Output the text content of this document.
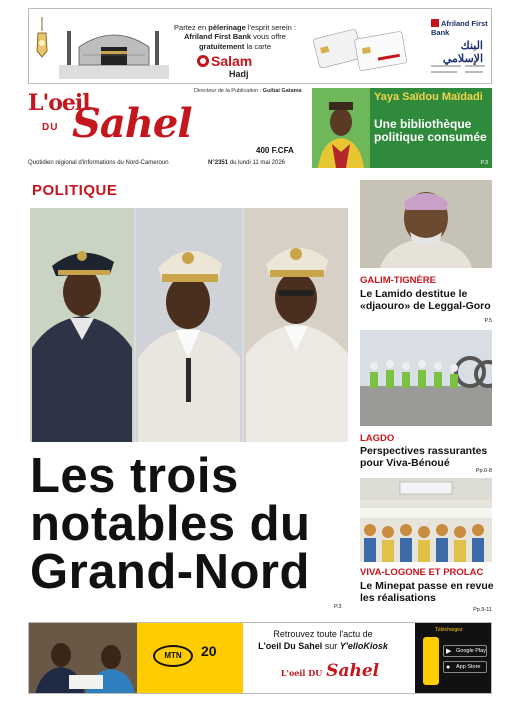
Partez en pèlerinage l'esprit serein : Afriland First Bank vous offre gratuitement la carte
Salam
Hadj
Afriland First Bank
البنك الإسلامي
L'oeil
DU Sahel
Directeur de la Publication : Guibai Gatama
400 F.CFA
Quotidien régional d'informations du Nord-Cameroun	N°2351 du lundi 11 mai 2026
Yaya Saïdou Maïdadi
Une bibliothèque politique consumée
P.3
POLITIQUE
Les trois
notables du
Grand-Nord
P.3
GALIM-TIGNÈRE
Le Lamido destitue le «djaouro» de Leggal-Goro
P.5
LAGDO
Perspectives rassurantes pour Viva-Bénoué
Pp.6-8
VIVA-LOGONE ET PROLAC
Le Minepat passe en revue les réalisations
Pp.9-11
MTN	20
Retrouvez toute l'actu de
L'oeil Du Sahel sur Y'elloKiosk
L'oeil DU Sahel
Téléchargez
▶ Google Play
● App Store
